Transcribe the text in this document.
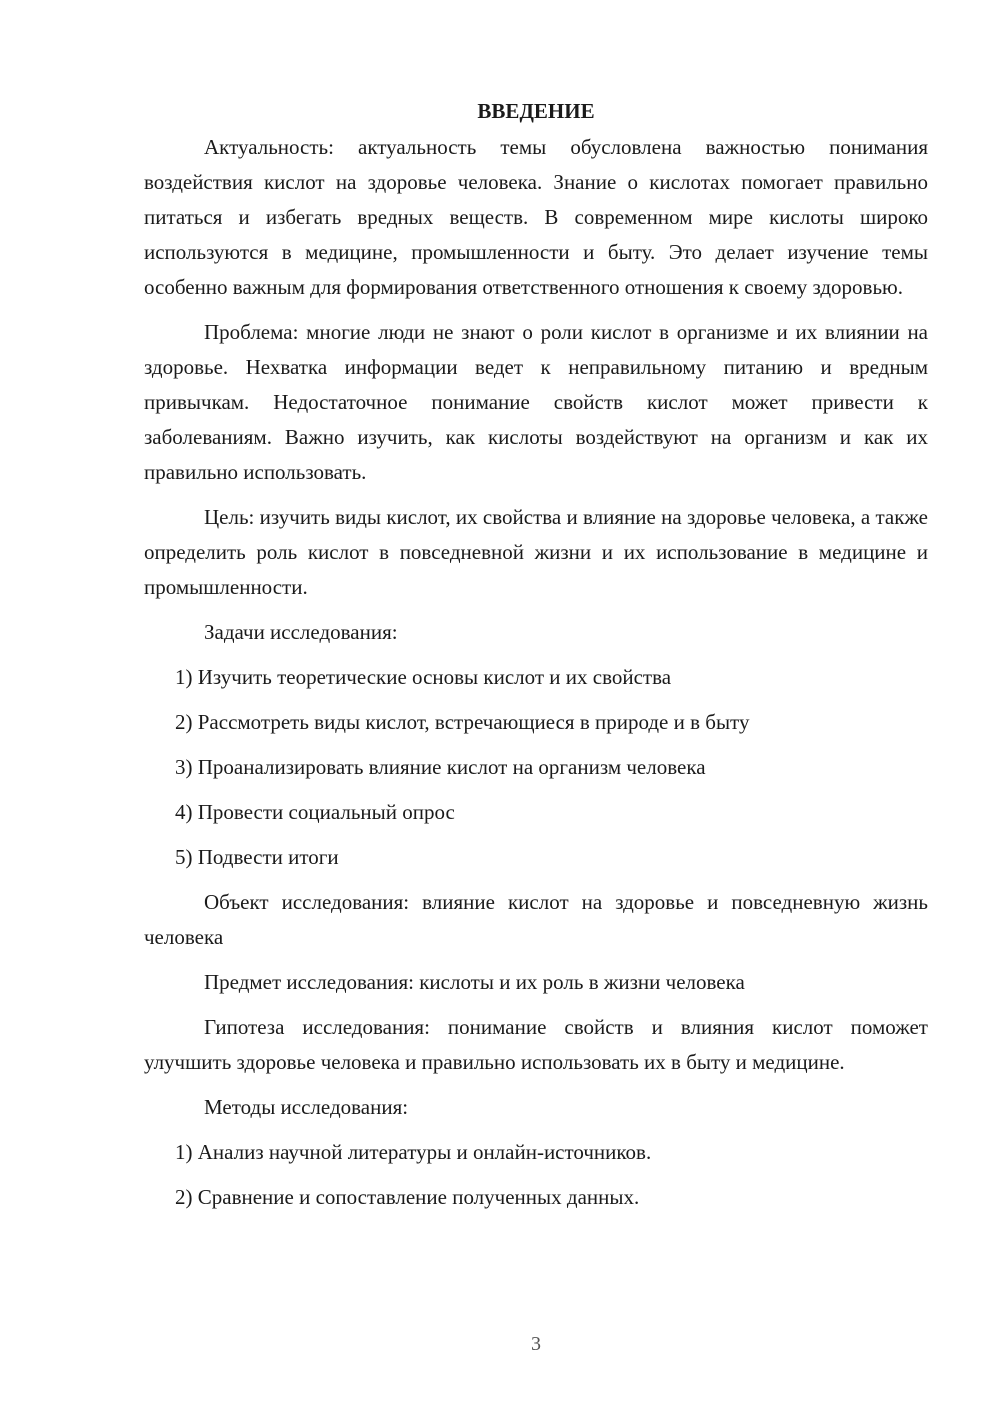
ВВЕДЕНИЕ

Актуальность: актуальность темы обусловлена важностью понимания воздействия кислот на здоровье человека. Знание о кислотах помогает правильно питаться и избегать вредных веществ. В современном мире кислоты широко используются в медицине, промышленности и быту. Это делает изучение темы особенно важным для формирования ответственного отношения к своему здоровью.

Проблема: многие люди не знают о роли кислот в организме и их влиянии на здоровье. Нехватка информации ведет к неправильному питанию и вредным привычкам. Недостаточное понимание свойств кислот может привести к заболеваниям. Важно изучить, как кислоты воздействуют на организм и как их правильно использовать.

Цель: изучить виды кислот, их свойства и влияние на здоровье человека, а также определить роль кислот в повседневной жизни и их использование в медицине и промышленности.

Задачи исследования:

1) Изучить теоретические основы кислот и их свойства

2) Рассмотреть виды кислот, встречающиеся в природе и в быту

3) Проанализировать влияние кислот на организм человека

4) Провести социальный опрос

5) Подвести итоги

Объект исследования: влияние кислот на здоровье и повседневную жизнь человека

Предмет исследования: кислоты и их роль в жизни человека

Гипотеза исследования: понимание свойств и влияния кислот поможет улучшить здоровье человека и правильно использовать их в быту и медицине.

Методы исследования:

1) Анализ научной литературы и онлайн-источников.

2) Сравнение и сопоставление полученных данных.

3
